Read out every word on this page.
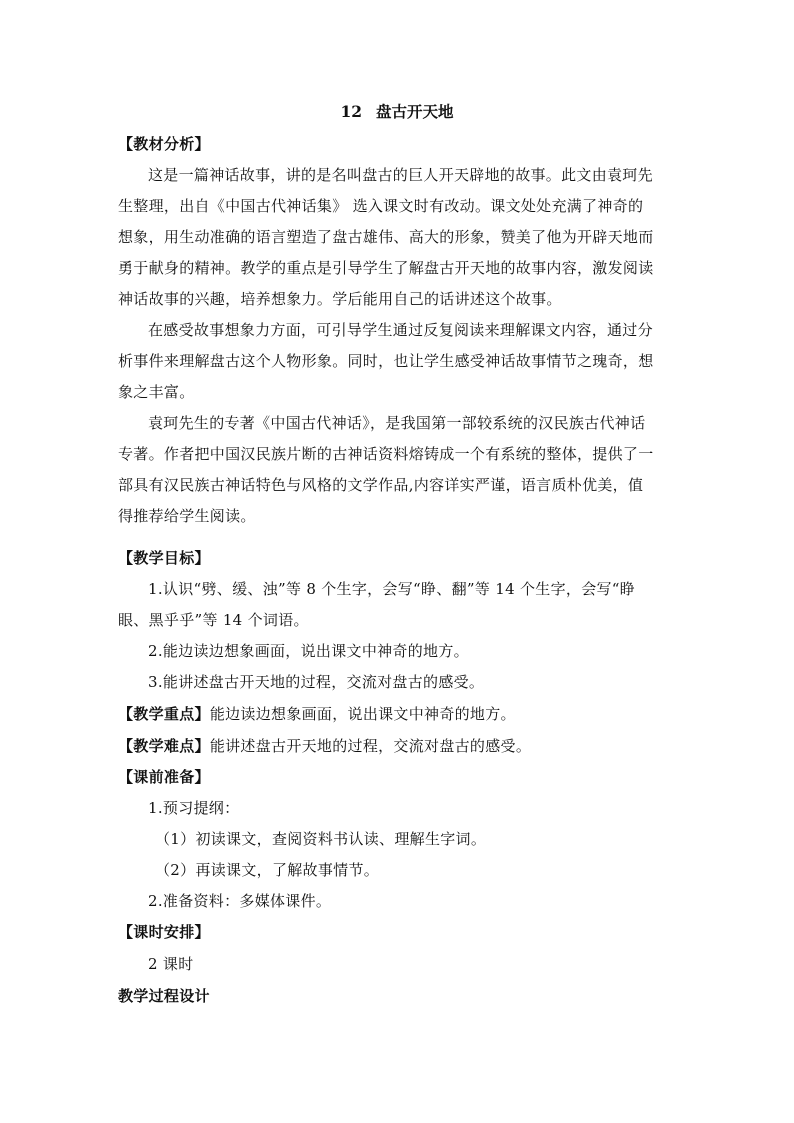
12 盘古开天地
【教材分析】
这是一篇神话故事，讲的是名叫盘古的巨人开天辟地的故事。此文由袁珂先
生整理，出自《中国古代神话集》 选入课文时有改动。课文处处充满了神奇的
想象，用生动准确的语言塑造了盘古雄伟、高大的形象，赞美了他为开辟天地而
勇于献身的精神。教学的重点是引导学生了解盘古开天地的故事内容，激发阅读
神话故事的兴趣，培养想象力。学后能用自己的话讲述这个故事。
在感受故事想象力方面，可引导学生通过反复阅读来理解课文内容，通过分
析事件来理解盘古这个人物形象。同时，也让学生感受神话故事情节之瑰奇，想
象之丰富。
袁珂先生的专著《中国古代神话》，是我国第一部较系统的汉民族古代神话
专著。作者把中国汉民族片断的古神话资料熔铸成一个有系统的整体，提供了一
部具有汉民族古神话特色与风格的文学作品,内容详实严谨，语言质朴优美，值
得推荐给学生阅读。
【教学目标】
1.认识“劈、缓、浊”等 8 个生字，会写“睁、翻”等 14 个生字，会写“睁
眼、黑乎乎”等 14 个词语。
2.能边读边想象画面，说出课文中神奇的地方。
3.能讲述盘古开天地的过程，交流对盘古的感受。
【教学重点】能边读边想象画面，说出课文中神奇的地方。
【教学难点】能讲述盘古开天地的过程，交流对盘古的感受。
【课前准备】
1.预习提纲：
（1）初读课文，查阅资料书认读、理解生字词。
（2）再读课文，了解故事情节。
2.准备资料：多媒体课件。
【课时安排】
2 课时
教学过程设计
